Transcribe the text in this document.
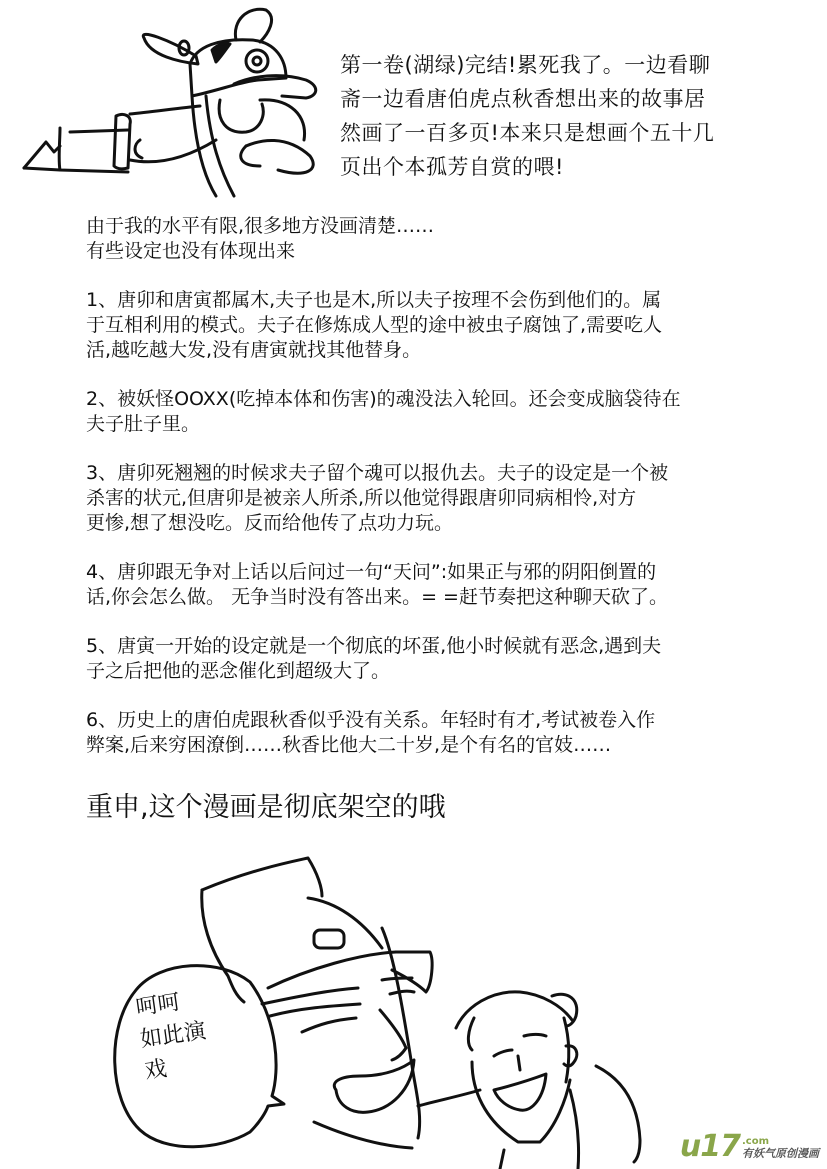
第一卷(湖绿)完结!累死我了。一边看聊
斋一边看唐伯虎点秋香想出来的故事居
然画了一百多页!本来只是想画个五十几
页出个本孤芳自赏的喂!
由于我的水平有限,很多地方没画清楚……
有些设定也没有体现出来
1、唐卯和唐寅都属木,夫子也是木,所以夫子按理不会伤到他们的。属
于互相利用的模式。夫子在修炼成人型的途中被虫子腐蚀了,需要吃人
活,越吃越大发,没有唐寅就找其他替身。
2、被妖怪OOXX(吃掉本体和伤害)的魂没法入轮回。还会变成脑袋待在
夫子肚子里。
3、唐卯死翘翘的时候求夫子留个魂可以报仇去。夫子的设定是一个被
杀害的状元,但唐卯是被亲人所杀,所以他觉得跟唐卯同病相怜,对方
更惨,想了想没吃。反而给他传了点功力玩。
4、唐卯跟无争对上话以后问过一句“天问”:如果正与邪的阴阳倒置的
话,你会怎么做。 无争当时没有答出来。= =赶节奏把这种聊天砍了。
5、唐寅一开始的设定就是一个彻底的坏蛋,他小时候就有恶念,遇到夫
子之后把他的恶念催化到超级大了。
6、历史上的唐伯虎跟秋香似乎没有关系。年轻时有才,考试被卷入作
弊案,后来穷困潦倒……秋香比他大二十岁,是个有名的官妓……
重申,这个漫画是彻底架空的哦
呵呵
如此演
戏
u17 .com
有妖气原创漫画
